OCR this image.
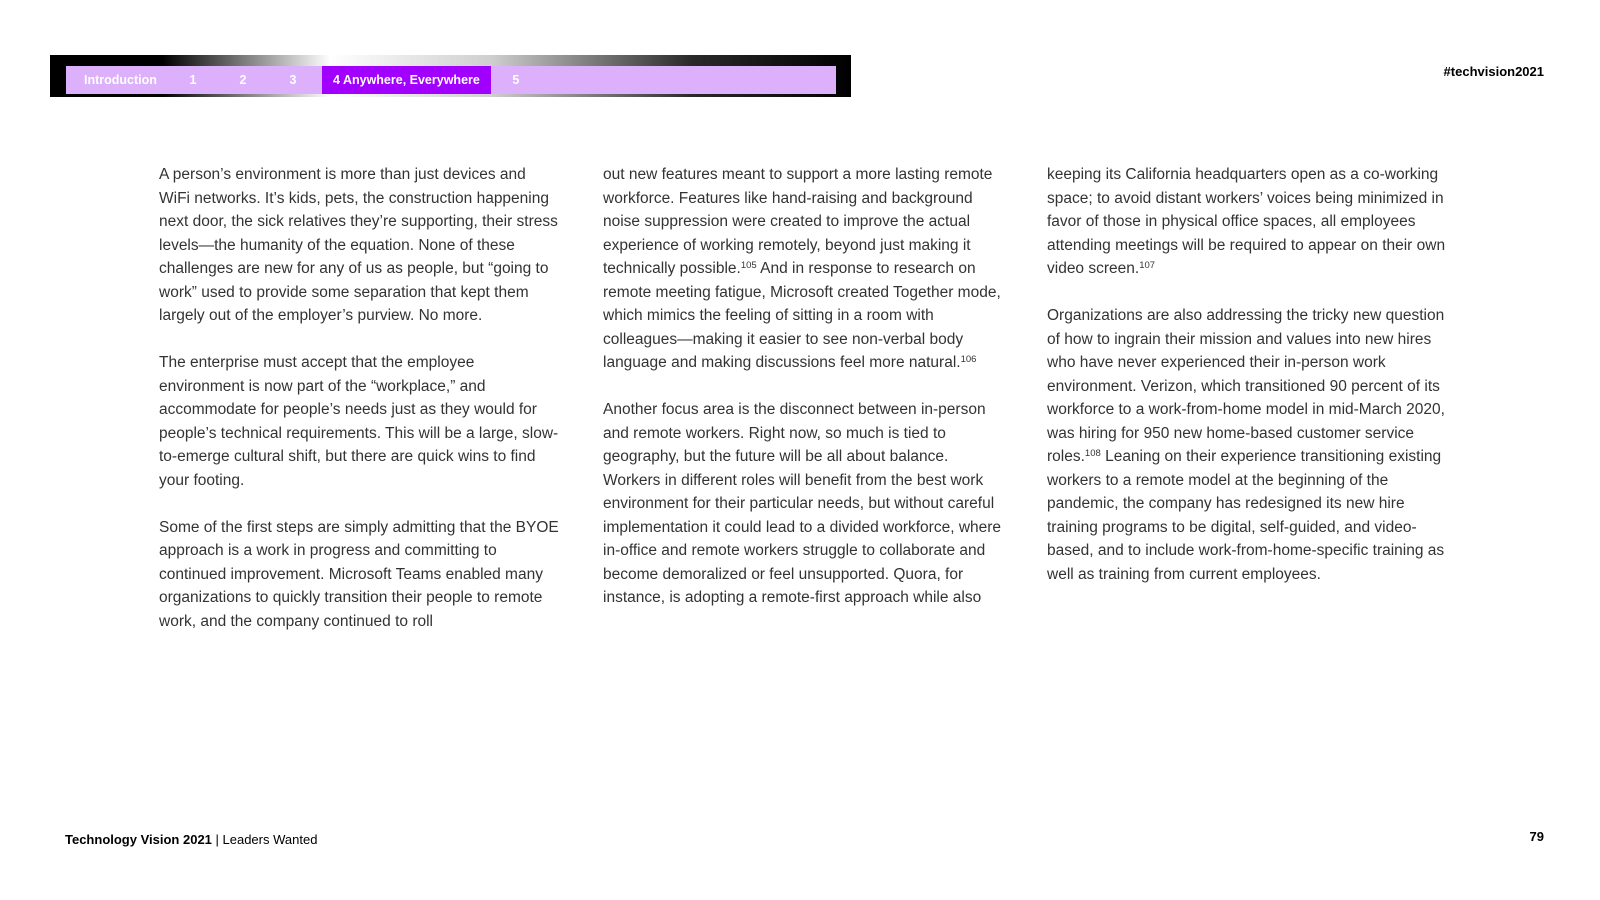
Introduction	1	2	3	4 Anywhere, Everywhere	5
#techvision2021

A person’s environment is more than just devices and WiFi networks. It’s kids, pets, the construction happening next door, the sick relatives they’re supporting, their stress levels—the humanity of the equation. None of these challenges are new for any of us as people, but “going to work” used to provide some separation that kept them largely out of the employer’s purview. No more.

The enterprise must accept that the employee environment is now part of the “workplace,” and accommodate for people’s needs just as they would for people’s technical requirements. This will be a large, slow-to-emerge cultural shift, but there are quick wins to find your footing.

Some of the first steps are simply admitting that the BYOE approach is a work in progress and committing to continued improvement. Microsoft Teams enabled many organizations to quickly transition their people to remote work, and the company continued to roll

out new features meant to support a more lasting remote workforce. Features like hand-raising and background noise suppression were created to improve the actual experience of working remotely, beyond just making it technically possible.$^{105}$ And in response to research on remote meeting fatigue, Microsoft created Together mode, which mimics the feeling of sitting in a room with colleagues—making it easier to see non-verbal body language and making discussions feel more natural.$^{106}$

Another focus area is the disconnect between in-person and remote workers. Right now, so much is tied to geography, but the future will be all about balance. Workers in different roles will benefit from the best work environment for their particular needs, but without careful implementation it could lead to a divided workforce, where in-office and remote workers struggle to collaborate and become demoralized or feel unsupported. Quora, for instance, is adopting a remote-first approach while also

keeping its California headquarters open as a co-working space; to avoid distant workers’ voices being minimized in favor of those in physical office spaces, all employees attending meetings will be required to appear on their own video screen.$^{107}$

Organizations are also addressing the tricky new question of how to ingrain their mission and values into new hires who have never experienced their in-person work environment. Verizon, which transitioned 90 percent of its workforce to a work-from-home model in mid-March 2020, was hiring for 950 new home-based customer service roles.$^{108}$ Leaning on their experience transitioning existing workers to a remote model at the beginning of the pandemic, the company has redesigned its new hire training programs to be digital, self-guided, and video-based, and to include work-from-home-specific training as well as training from current employees.

Technology Vision 2021 | Leaders Wanted	79
